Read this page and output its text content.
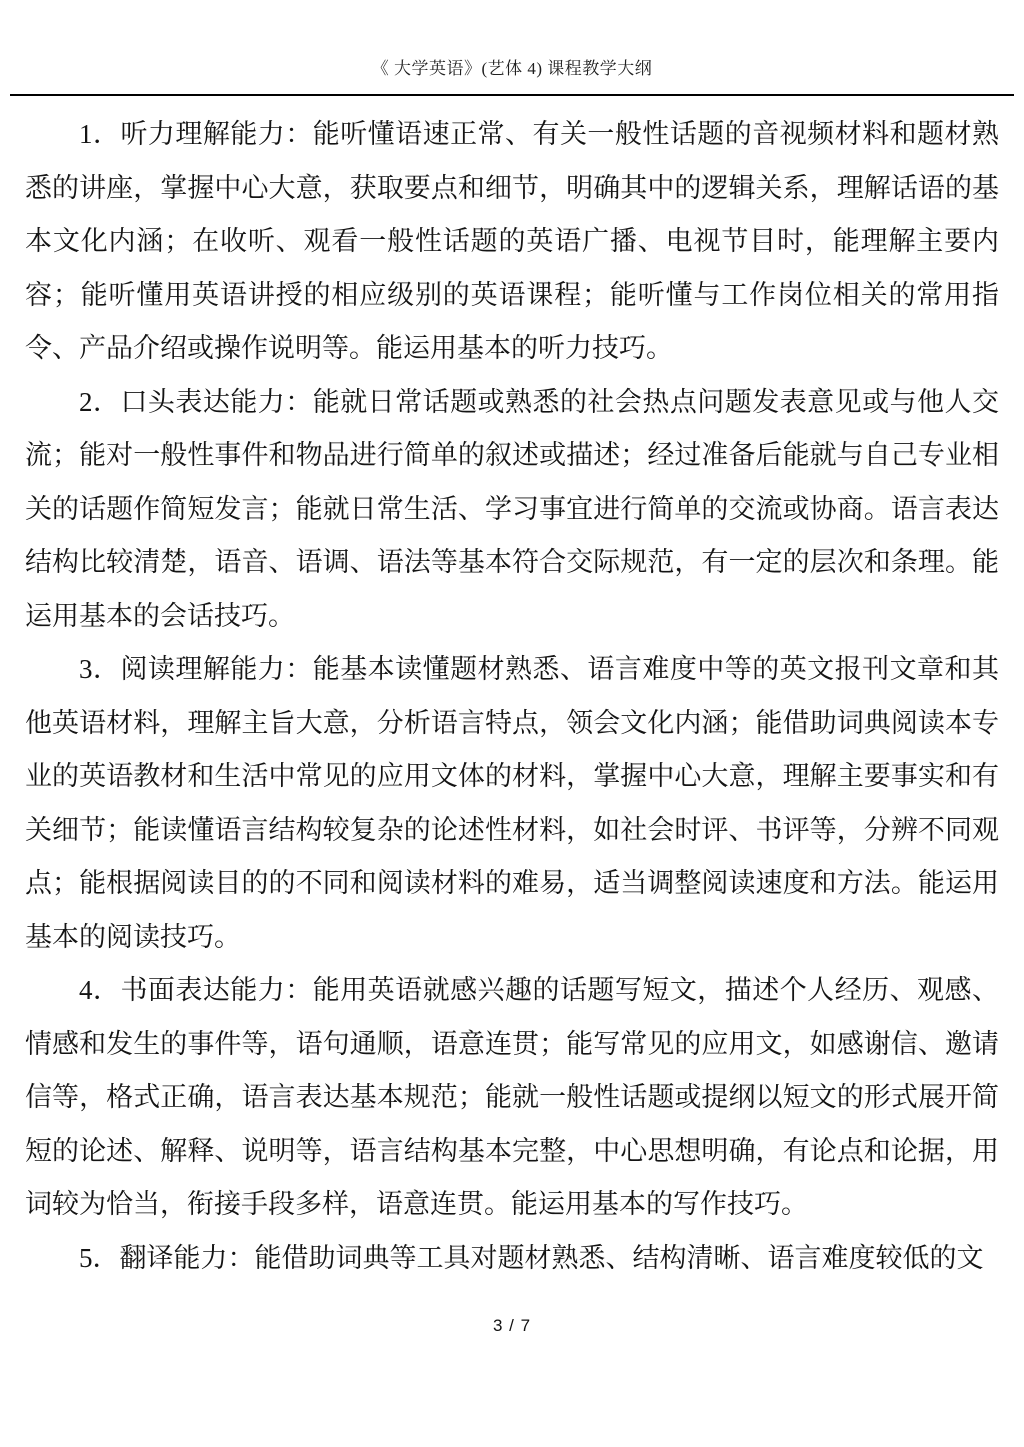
《 大学英语》(艺体 4) 课程教学大纲

1．听力理解能力：能听懂语速正常、有关一般性话题的音视频材料和题材熟悉的讲座，掌握中心大意，获取要点和细节，明确其中的逻辑关系，理解话语的基本文化内涵；在收听、观看一般性话题的英语广播、电视节目时，能理解主要内容；能听懂用英语讲授的相应级别的英语课程；能听懂与工作岗位相关的常用指令、产品介绍或操作说明等。能运用基本的听力技巧。

2．口头表达能力：能就日常话题或熟悉的社会热点问题发表意见或与他人交流；能对一般性事件和物品进行简单的叙述或描述；经过准备后能就与自己专业相关的话题作简短发言；能就日常生活、学习事宜进行简单的交流或协商。语言表达结构比较清楚，语音、语调、语法等基本符合交际规范，有一定的层次和条理。能运用基本的会话技巧。

3．阅读理解能力：能基本读懂题材熟悉、语言难度中等的英文报刊文章和其他英语材料，理解主旨大意，分析语言特点，领会文化内涵；能借助词典阅读本专业的英语教材和生活中常见的应用文体的材料，掌握中心大意，理解主要事实和有关细节；能读懂语言结构较复杂的论述性材料，如社会时评、书评等，分辨不同观点；能根据阅读目的的不同和阅读材料的难易，适当调整阅读速度和方法。能运用基本的阅读技巧。

4．书面表达能力：能用英语就感兴趣的话题写短文，描述个人经历、观感、情感和发生的事件等，语句通顺，语意连贯；能写常见的应用文，如感谢信、邀请信等，格式正确，语言表达基本规范；能就一般性话题或提纲以短文的形式展开简短的论述、解释、说明等，语言结构基本完整，中心思想明确，有论点和论据，用词较为恰当，衔接手段多样，语意连贯。能运用基本的写作技巧。

5．翻译能力：能借助词典等工具对题材熟悉、结构清晰、语言难度较低的文

3 / 7
